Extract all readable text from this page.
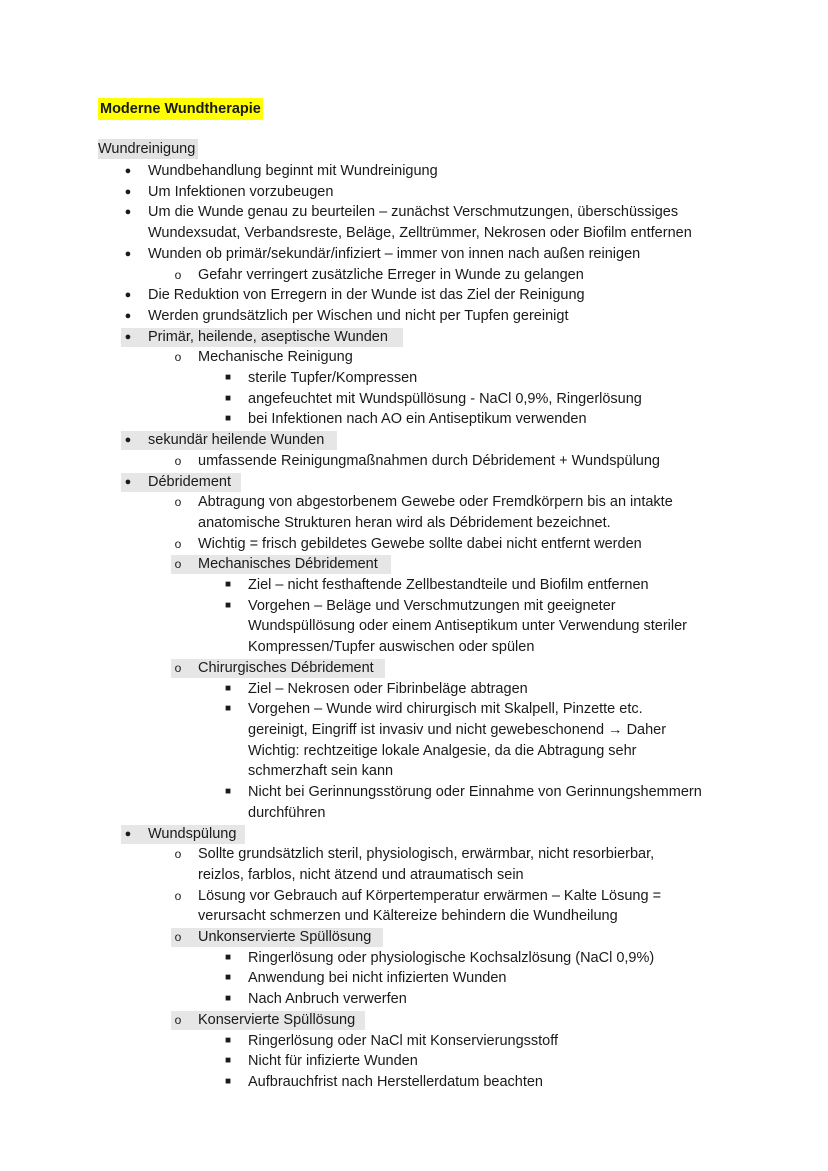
Moderne Wundtherapie
Wundreinigung
● Wundbehandlung beginnt mit Wundreinigung
● Um Infektionen vorzubeugen
● Um die Wunde genau zu beurteilen – zunächst Verschmutzungen, überschüssiges
Wundexsudat, Verbandsreste, Beläge, Zelltrümmer, Nekrosen oder Biofilm entfernen
● Wunden ob primär/sekundär/infiziert – immer von innen nach außen reinigen
o Gefahr verringert zusätzliche Erreger in Wunde zu gelangen
● Die Reduktion von Erregern in der Wunde ist das Ziel der Reinigung
● Werden grundsätzlich per Wischen und nicht per Tupfen gereinigt
● Primär, heilende, aseptische Wunden
o Mechanische Reinigung
■ sterile Tupfer/Kompressen
■ angefeuchtet mit Wundspüllösung - NaCl 0,9%, Ringerlösung
■ bei Infektionen nach AO ein Antiseptikum verwenden
● sekundär heilende Wunden
o umfassende Reinigungmaßnahmen durch Débridement + Wundspülung
● Débridement
o Abtragung von abgestorbenem Gewebe oder Fremdkörpern bis an intakte
anatomische Strukturen heran wird als Débridement bezeichnet.
o Wichtig = frisch gebildetes Gewebe sollte dabei nicht entfernt werden
o Mechanisches Débridement
■ Ziel – nicht festhaftende Zellbestandteile und Biofilm entfernen
■ Vorgehen – Beläge und Verschmutzungen mit geeigneter
Wundspüllösung oder einem Antiseptikum unter Verwendung steriler
Kompressen/Tupfer auswischen oder spülen
o Chirurgisches Débridement
■ Ziel – Nekrosen oder Fibrinbeläge abtragen
■ Vorgehen – Wunde wird chirurgisch mit Skalpell, Pinzette etc.
gereinigt, Eingriff ist invasiv und nicht gewebeschonend → Daher
Wichtig: rechtzeitige lokale Analgesie, da die Abtragung sehr
schmerzhaft sein kann
■ Nicht bei Gerinnungsstörung oder Einnahme von Gerinnungshemmern
durchführen
● Wundspülung
o Sollte grundsätzlich steril, physiologisch, erwärmbar, nicht resorbierbar,
reizlos, farblos, nicht ätzend und atraumatisch sein
o Lösung vor Gebrauch auf Körpertemperatur erwärmen – Kalte Lösung =
verursacht schmerzen und Kältereize behindern die Wundheilung
o Unkonservierte Spüllösung
■ Ringerlösung oder physiologische Kochsalzlösung (NaCl 0,9%)
■ Anwendung bei nicht infizierten Wunden
■ Nach Anbruch verwerfen
o Konservierte Spüllösung
■ Ringerlösung oder NaCl mit Konservierungsstoff
■ Nicht für infizierte Wunden
■ Aufbrauchfrist nach Herstellerdatum beachten
